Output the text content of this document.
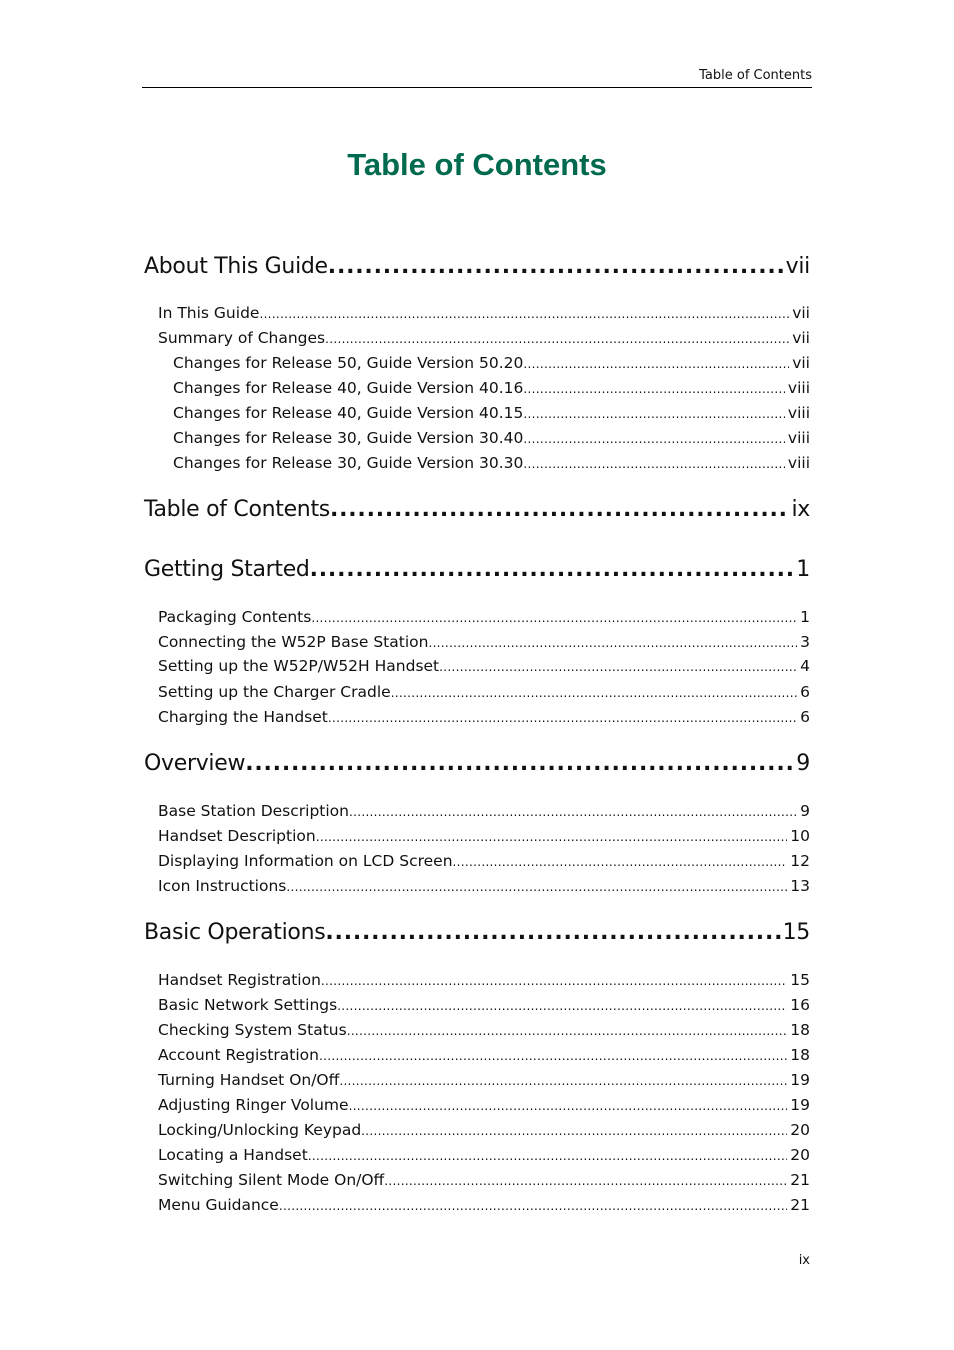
Table of Contents
Table of Contents
About This Guide .....	vii
In This Guide .....	vii
Summary of Changes .....	vii
Changes for Release 50, Guide Version 50.20 .....	vii
Changes for Release 40, Guide Version 40.16 .....	viii
Changes for Release 40, Guide Version 40.15 .....	viii
Changes for Release 30, Guide Version 30.40 .....	viii
Changes for Release 30, Guide Version 30.30 .....	viii
Table of Contents .....	ix
Getting Started .....	1
Packaging Contents .....	1
Connecting the W52P Base Station .....	3
Setting up the W52P/W52H Handset .....	4
Setting up the Charger Cradle .....	6
Charging the Handset .....	6
Overview .....	9
Base Station Description .....	9
Handset Description .....	10
Displaying Information on LCD Screen .....	12
Icon Instructions .....	13
Basic Operations .....	15
Handset Registration .....	15
Basic Network Settings .....	16
Checking System Status .....	18
Account Registration .....	18
Turning Handset On/Off .....	19
Adjusting Ringer Volume .....	19
Locking/Unlocking Keypad .....	20
Locating a Handset .....	20
Switching Silent Mode On/Off .....	21
Menu Guidance .....	21
ix
